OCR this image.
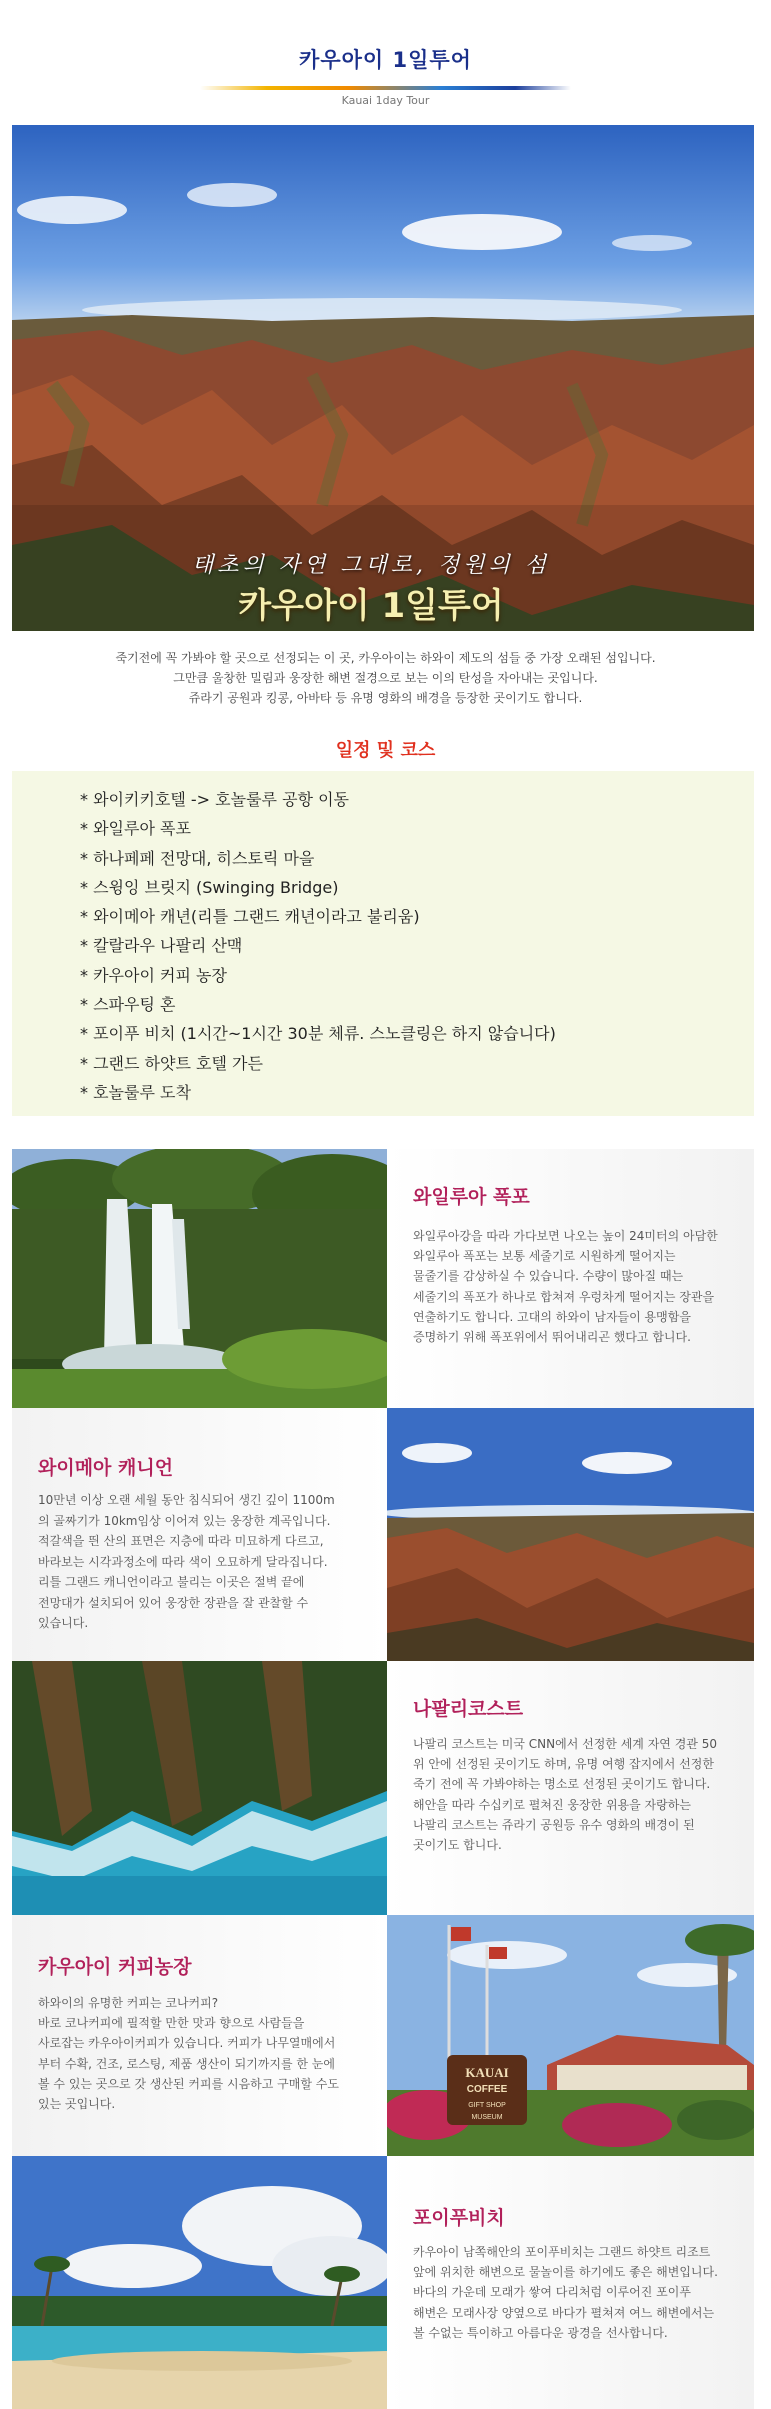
카우아이 1일투어
Kauai 1day Tour
태초의 자연 그대로, 정원의 섬
카우아이 1일투어
죽기전에 꼭 가봐야 할 곳으로 선정되는 이 곳, 카우아이는 하와이 제도의 섬들 중 가장 오래된 섬입니다.
그만큼 울창한 밀림과 웅장한 해변 절경으로 보는 이의 탄성을 자아내는 곳입니다.
쥬라기 공원과 킹콩, 아바타 등 유명 영화의 배경을 등장한 곳이기도 합니다.
일정 및 코스
* 와이키키호텔 -> 호놀룰루 공항 이동
* 와일루아 폭포
* 하나페페 전망대, 히스토릭 마을
* 스윙잉 브릿지 (Swinging Bridge)
* 와이메아 캐년(리틀 그랜드 캐년이라고 불리움)
* 칼랄라우 나팔리 산맥
* 카우아이 커피 농장
* 스파우팅 혼
* 포이푸 비치 (1시간~1시간 30분 체류. 스노클링은 하지 않습니다)
* 그랜드 하얏트 호텔 가든
* 호놀룰루 도착
와일루아 폭포
와일루아강을 따라 가다보면 나오는 높이 24미터의 아담한
와일루아 폭포는 보통 세줄기로 시원하게 떨어지는
물줄기를 감상하실 수 있습니다. 수량이 많아질 때는
세줄기의 폭포가 하나로 합쳐져 우렁차게 떨어지는 장관을
연출하기도 합니다. 고대의 하와이 남자들이 용맹함을
증명하기 위해 폭포위에서 뛰어내리곤 했다고 합니다.
와이메아 캐니언
10만년 이상 오랜 세월 동안 침식되어 생긴 깊이 1100m
의 골짜기가 10km임상 이어져 있는 웅장한 계곡입니다.
적갈색을 띈 산의 표면은 지층에 따라 미묘하게 다르고,
바라보는 시각과정소에 따라 색이 오묘하게 달라집니다.
리틀 그랜드 캐니언이라고 불리는 이곳은 절벽 끝에
전망대가 설치되어 있어 웅장한 장관을 잘 관찰할 수
있습니다.
나팔리코스트
나팔리 코스트는 미국 CNN에서 선정한 세계 자연 경관 50
위 안에 선정된 곳이기도 하며, 유명 여행 잡지에서 선정한
죽기 전에 꼭 가봐야하는 명소로 선정된 곳이기도 합니다.
해안을 따라 수십키로 펼쳐진 웅장한 위용을 자랑하는
나팔리 코스트는 쥬라기 공원등 유수 영화의 배경이 된
곳이기도 합니다.
카우아이 커피농장
하와이의 유명한 커피는 코나커피?
바로 코나커피에 필적할 만한 맛과 향으로 사람들을
사로잡는 카우아이커피가 있습니다. 커피가 나무열매에서
부터 수확, 건조, 로스팅, 제품 생산이 되기까지를 한 눈에
볼 수 있는 곳으로 갓 생산된 커피를 시음하고 구매할 수도
있는 곳입니다.
KAUAI
COFFEE
GIFT SHOP
MUSEUM
포이푸비치
카우아이 남쪽해안의 포이푸비치는 그랜드 하얏트 리조트
앞에 위치한 해변으로 물놀이를 하기에도 좋은 해변입니다.
바다의 가운데 모래가 쌓여 다리처럼 이루어진 포이푸
해변은 모래사장 양옆으로 바다가 펼쳐져 여느 해변에서는
볼 수없는 특이하고 아름다운 광경을 선사합니다.
